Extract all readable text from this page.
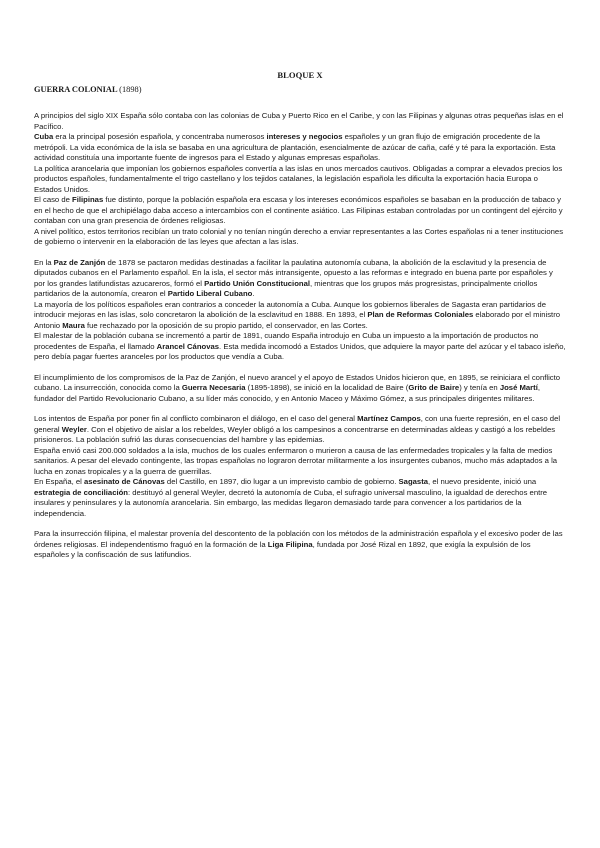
BLOQUE X
GUERRA COLONIAL (1898)

A principios del siglo XIX España sólo contaba con las colonias de Cuba y Puerto Rico en el Caribe, y con las Filipinas y algunas otras pequeñas islas en el Pacífico.

Cuba era la principal posesión española, y concentraba numerosos intereses y negocios españoles y un gran flujo de emigración procedente de la metrópoli. La vida económica de la isla se basaba en una agricultura de plantación, esencialmente de azúcar de caña, café y té para la exportación. Esta actividad constituía una importante fuente de ingresos para el Estado y algunas empresas españolas.

La política arancelaria que imponían los gobiernos españoles convertía a las islas en unos mercados cautivos. Obligadas a comprar a elevados precios los productos españoles, fundamentalmente el trigo castellano y los tejidos catalanes, la legislación española les dificulta la exportación hacia Europa o Estados Unidos.

El caso de Filipinas fue distinto, porque la población española era escasa y los intereses económicos españoles se basaban en la producción de tabaco y en el hecho de que el archipiélago daba acceso a intercambios con el continente asiático. Las Filipinas estaban controladas por un contingent del ejército y contaban con una gran presencia de órdenes religiosas.

A nivel político, estos territorios recibían un trato colonial y no tenían ningún derecho a enviar representantes a las Cortes españolas ni a tener instituciones de gobierno o intervenir en la elaboración de las leyes que afectan a las islas.

En la Paz de Zanjón de 1878 se pactaron medidas destinadas a facilitar la paulatina autonomía cubana, la abolición de la esclavitud y la presencia de diputados cubanos en el Parlamento español. En la isla, el sector más intransigente, opuesto a las reformas e integrado en buena parte por españoles y por los grandes latifundistas azucareros, formó el Partido Unión Constitucional, mientras que los grupos más progresistas, principalmente criollos partidarios de la autonomía, crearon el Partido Liberal Cubano.

La mayoría de los políticos españoles eran contrarios a conceder la autonomía a Cuba. Aunque los gobiernos liberales de Sagasta eran partidarios de introducir mejoras en las islas, solo concretaron la abolición de la esclavitud en 1888. En 1893, el Plan de Reformas Coloniales elaborado por el ministro Antonio Maura fue rechazado por la oposición de su propio partido, el conservador, en las Cortes.

El malestar de la población cubana se incrementó a partir de 1891, cuando España introdujo en Cuba un impuesto a la importación de productos no procedentes de España, el llamado Arancel Cánovas. Esta medida incomodó a Estados Unidos, que adquiere la mayor parte del azúcar y el tabaco isleño, pero debía pagar fuertes aranceles por los productos que vendía a Cuba.

El incumplimiento de los compromisos de la Paz de Zanjón, el nuevo arancel y el apoyo de Estados Unidos hicieron que, en 1895, se reiniciara el conflicto cubano. La insurrección, conocida como la Guerra Necesaria (1895-1898), se inició en la localidad de Baire (Grito de Baire) y tenía en José Martí, fundador del Partido Revolucionario Cubano, a su líder más conocido, y en Antonio Maceo y Máximo Gómez, a sus principales dirigentes militares.

Los intentos de España por poner fin al conflicto combinaron el diálogo, en el caso del general Martínez Campos, con una fuerte represión, en el caso del general Weyler. Con el objetivo de aislar a los rebeldes, Weyler obligó a los campesinos a concentrarse en determinadas aldeas y castigó a los rebeldes prisioneros. La población sufrió las duras consecuencias del hambre y las epidemias.

España envió casi 200.000 soldados a la isla, muchos de los cuales enfermaron o murieron a causa de las enfermedades tropicales y la falta de medios sanitarios. A pesar del elevado contingente, las tropas españolas no lograron derrotar militarmente a los insurgentes cubanos, mucho más adaptados a la lucha en zonas tropicales y a la guerra de guerrillas.

En España, el asesinato de Cánovas del Castillo, en 1897, dio lugar a un imprevisto cambio de gobierno. Sagasta, el nuevo presidente, inició una estrategia de conciliación: destituyó al general Weyler, decretó la autonomía de Cuba, el sufragio universal masculino, la igualdad de derechos entre insulares y peninsulares y la autonomía arancelaria. Sin embargo, las medidas llegaron demasiado tarde para convencer a los partidarios de la independencia.

Para la insurrección filipina, el malestar provenía del descontento de la población con los métodos de la administración española y el excesivo poder de las órdenes religiosas. El independentismo fraguó en la formación de la Liga Filipina, fundada por José Rizal en 1892, que exigía la expulsión de los españoles y la confiscación de sus latifundios.
